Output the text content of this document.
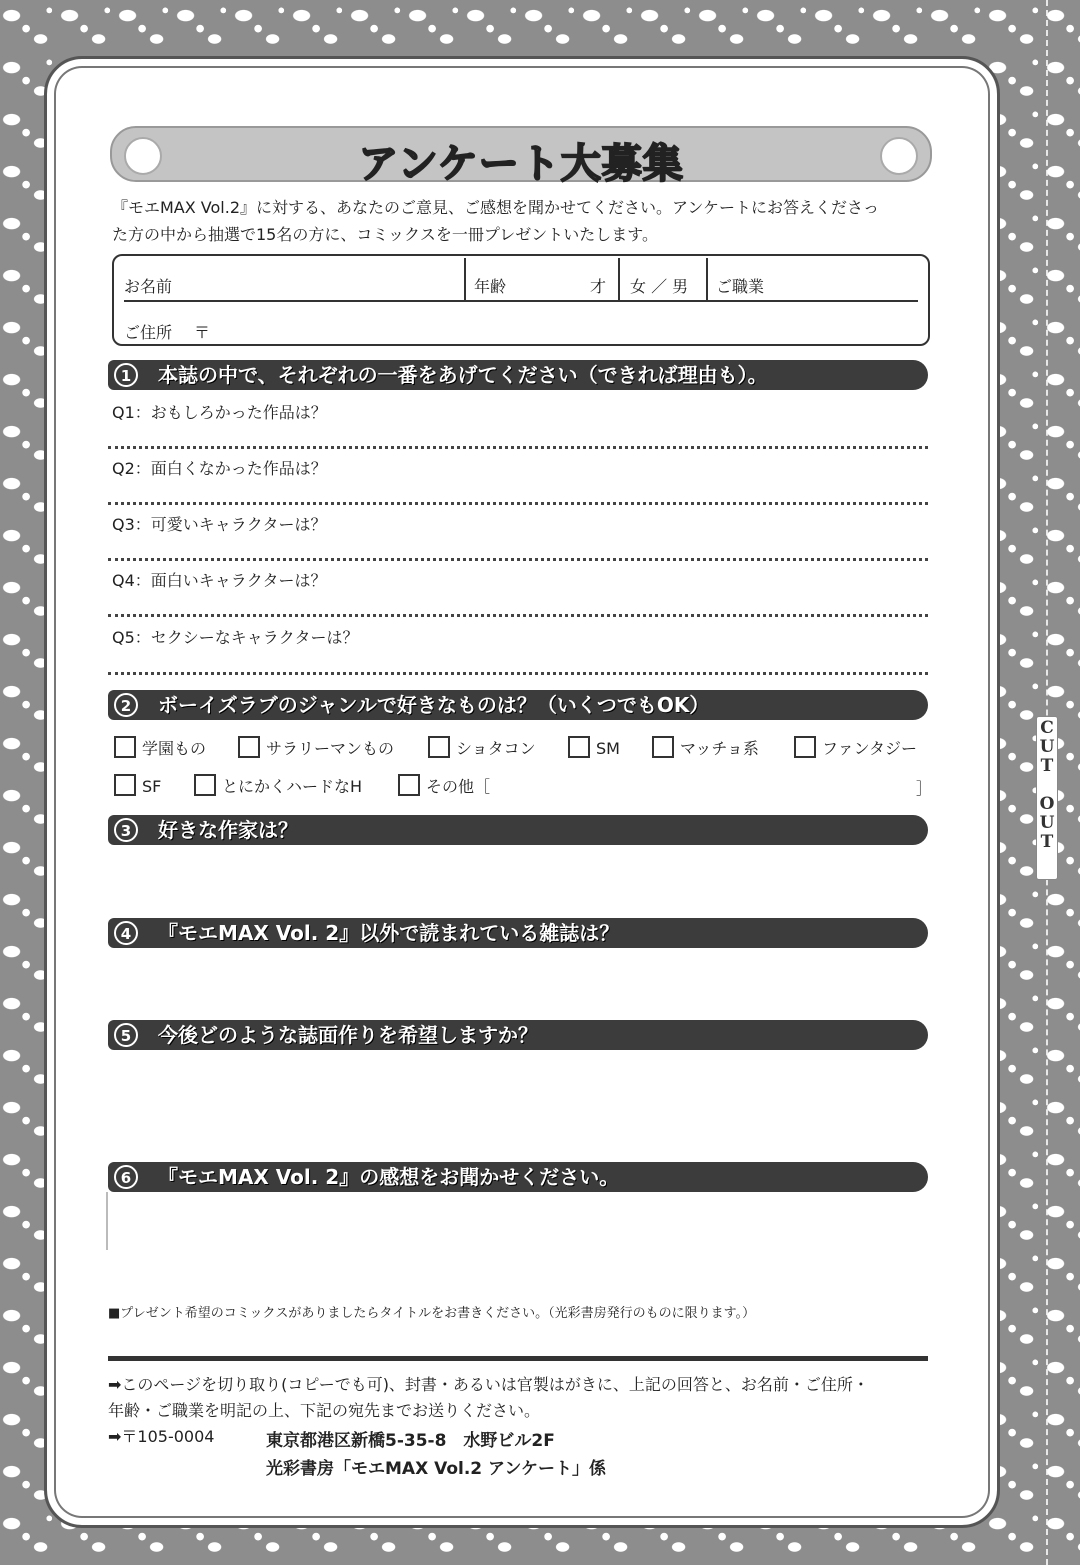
C
U
T

O
U
T
アンケート大募集
『モエMAX Vol.2』に対する、あなたのご意見、ご感想を聞かせてください。アンケートにお答えくださっ
た方の中から抽選で15名の方に、コミックスを一冊プレゼントいたします。
お名前	年齢	才 女 ／ 男 ご職業
ご住所 〒
1	本誌の中で、それぞれの一番をあげてください（できれば理由も）。
Q1：おもしろかった作品は？
Q2：面白くなかった作品は？
Q3：可愛いキャラクターは？
Q4：面白いキャラクターは？
Q5：セクシーなキャラクターは？
2	ボーイズラブのジャンルで好きなものは？（いくつでもOK）
学園もの	サラリーマンもの	ショタコン	SM	マッチョ系	ファンタジー
SF	とにかくハードなH	その他［	］
3	好きな作家は？
4	『モエMAX Vol. 2』以外で読まれている雑誌は？
5	今後どのような誌面作りを希望しますか？
6	『モエMAX Vol. 2』の感想をお聞かせください。
■プレゼント希望のコミックスがありましたらタイトルをお書きください。（光彩書房発行のものに限ります。）
➡このページを切り取り(コピーでも可)、封書・あるいは官製はがきに、上記の回答と、お名前・ご住所・
年齢・ご職業を明記の上、下記の宛先までお送りください。
➡〒105-0004	東京都港区新橋5-35-8　水野ビル2F
光彩書房「モエMAX Vol.2 アンケート」係
